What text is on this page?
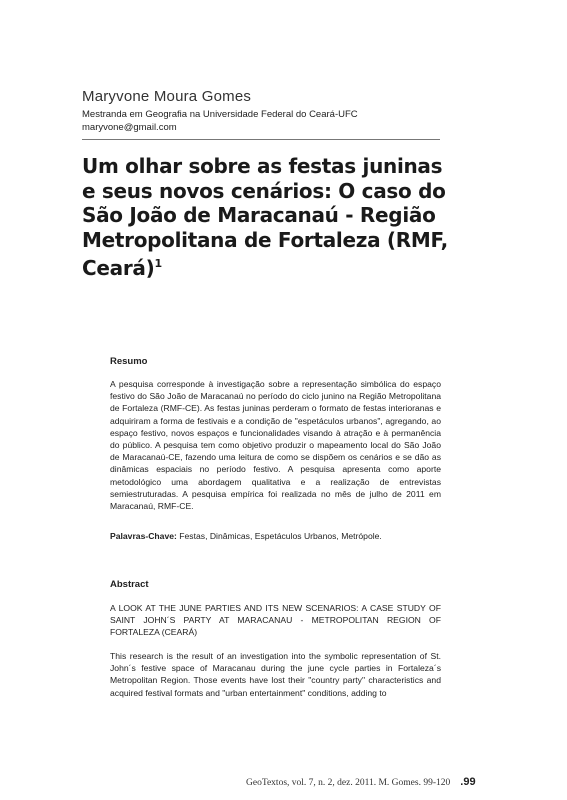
Maryvone Moura Gomes
Mestranda em Geografia na Universidade Federal do Ceará-UFC
maryvone@gmail.com
Um olhar sobre as festas juninas e seus novos cenários: O caso do São João de Maracanaú - Região Metropolitana de Fortaleza (RMF, Ceará)$^1$
Resumo
A pesquisa corresponde à investigação sobre a representação simbólica do espaço festivo do São João de Maracanaú no período do ciclo junino na Região Metropolitana de Fortaleza (RMF-CE). As festas juninas perderam o formato de festas interioranas e adquiriram a forma de festivais e a condição de "espetáculos urbanos", agregando, ao espaço festivo, novos espaços e funcionalidades visando à atração e à permanência do público. A pesquisa tem como objetivo produzir o mapeamento local do São João de Maracanaú-CE, fazendo uma leitura de como se dispõem os cenários e se dão as dinâmicas espaciais no período festivo. A pesquisa apresenta como aporte metodológico uma abordagem qualitativa e a realização de entrevistas semiestruturadas. A pesquisa empírica foi realizada no mês de julho de 2011 em Maracanaú, RMF-CE.
Palavras-Chave: Festas, Dinâmicas, Espetáculos Urbanos, Metrópole.
Abstract
A LOOK AT THE JUNE PARTIES AND ITS NEW SCENARIOS: A CASE STUDY OF SAINT JOHN´S PARTY AT MARACANAU - METROPOLITAN REGION OF FORTALEZA (CEARÁ)
This research is the result of an investigation into the symbolic representation of St. John´s festive space of Maracanau during the june cycle parties in Fortaleza´s Metropolitan Region. Those events have lost their "country party" characteristics and acquired festival formats and "urban entertainment" conditions, adding to
GeoTextos, vol. 7, n. 2, dez. 2011. M. Gomes. 99-120 .99
